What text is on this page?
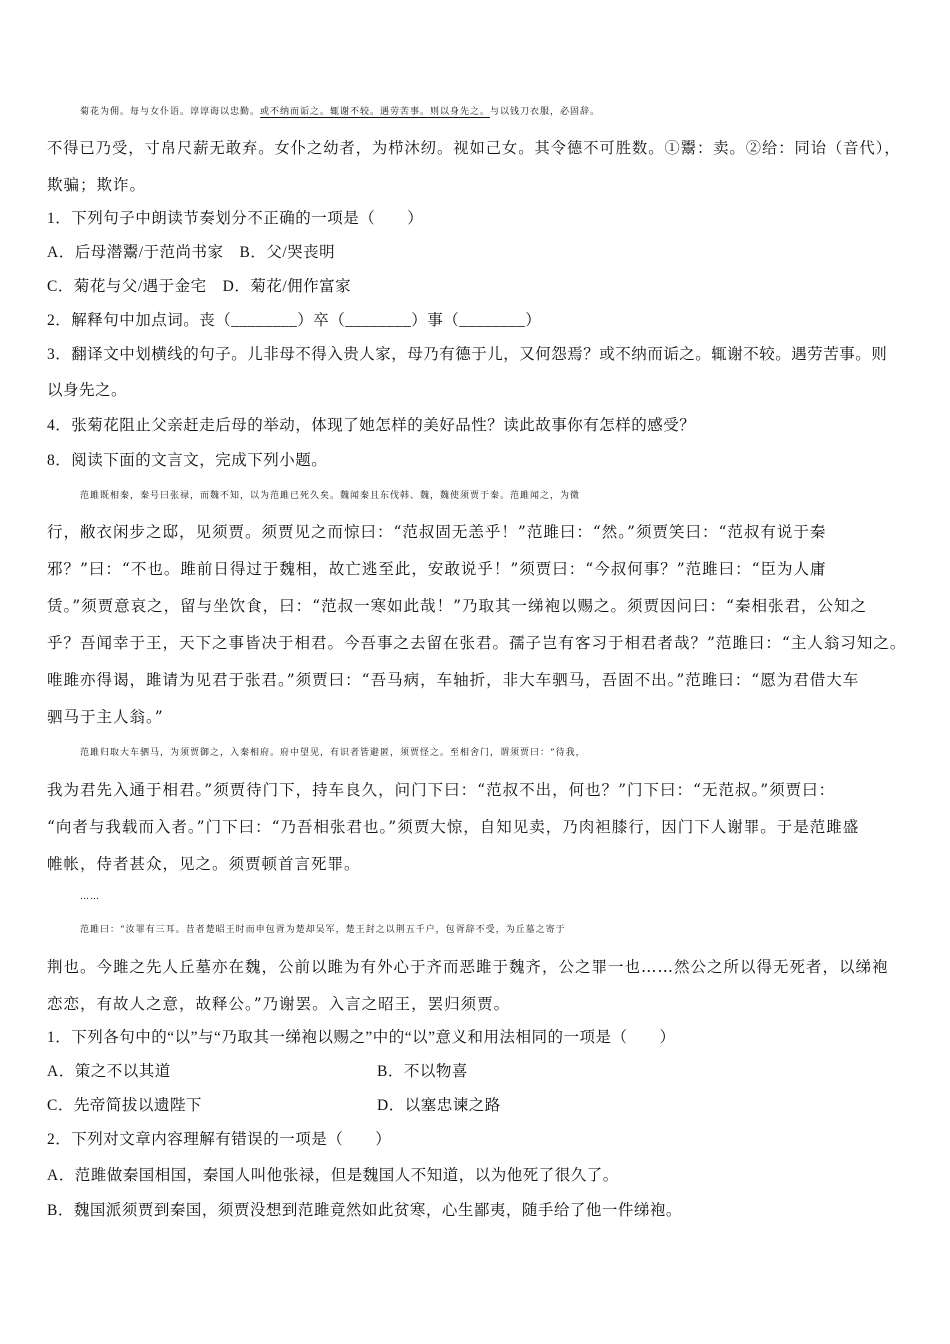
菊花为佣。每与女仆语。谆谆诲以忠勤。或不纳而诟之。辄谢不较。遇劳苦事。则以身先之。与以钱刀衣服，必固辞。
不得已乃受，寸帛尺薪无敢弃。女仆之幼者，为栉沐纫。视如己女。其令德不可胜数。①鬻：卖。②给：同诒（音代），
欺骗；欺诈。
1．下列句子中朗读节奏划分不正确的一项是（　　）
A．后母潜鬻/于范尚书家　B．父/哭丧明
C．菊花与父/遇于金宅　D．菊花/佣作富家
2．解释句中加点词。丧（________）卒（________）事（________）
3．翻译文中划横线的句子。儿非母不得入贵人家，母乃有德于儿，又何怨焉？或不纳而诟之。辄谢不较。遇劳苦事。则
以身先之。
4．张菊花阻止父亲赶走后母的举动，体现了她怎样的美好品性？读此故事你有怎样的感受？
8．阅读下面的文言文，完成下列小题。
范雎既相秦，秦号曰张禄，而魏不知，以为范雎已死久矣。魏闻秦且东伐韩、魏，魏使须贾于秦。范雎闻之，为微
行，敝衣闲步之邸，见须贾。须贾见之而惊曰：“范叔固无恙乎！”范雎曰：“然。”须贾笑曰：“范叔有说于秦
邪？”曰：“不也。雎前日得过于魏相，故亡逃至此，安敢说乎！”须贾曰：“今叔何事？”范雎曰：“臣为人庸
赁。”须贾意哀之，留与坐饮食，曰：“范叔一寒如此哉！”乃取其一绨袍以赐之。须贾因问曰：“秦相张君，公知之
乎？吾闻幸于王，天下之事皆决于相君。今吾事之去留在张君。孺子岂有客习于相君者哉？”范雎曰：“主人翁习知之。
唯雎亦得谒，雎请为见君于张君。”须贾曰：“吾马病，车轴折，非大车驷马，吾固不出。”范雎曰：“愿为君借大车
驷马于主人翁。”
范雎归取大车驷马，为须贾御之，入秦相府。府中望见，有识者皆避匿，须贾怪之。至相舍门，谓须贾曰：“待我，
我为君先入通于相君。”须贾待门下，持车良久，问门下曰：“范叔不出，何也？”门下曰：“无范叔。”须贾曰：
“向者与我载而入者。”门下曰：“乃吾相张君也。”须贾大惊，自知见卖，乃肉袒膝行，因门下人谢罪。于是范雎盛
帷帐，侍者甚众，见之。须贾顿首言死罪。
……
范雎曰：“汝罪有三耳。昔者楚昭王时而申包胥为楚却吴军，楚王封之以荆五千户，包胥辞不受，为丘墓之寄于
荆也。今雎之先人丘墓亦在魏，公前以雎为有外心于齐而恶雎于魏齐，公之罪一也……然公之所以得无死者，以绨袍
恋恋，有故人之意，故释公。”乃谢罢。入言之昭王，罢归须贾。
1．下列各句中的“以”与“乃取其一绨袍以赐之”中的“以”意义和用法相同的一项是（　　）
A．策之不以其道	B．不以物喜
C．先帝简拔以遗陛下	D．以塞忠谏之路
2．下列对文章内容理解有错误的一项是（　　）
A．范雎做秦国相国，秦国人叫他张禄，但是魏国人不知道，以为他死了很久了。
B．魏国派须贾到秦国，须贾没想到范雎竟然如此贫寒，心生鄙夷，随手给了他一件绨袍。
